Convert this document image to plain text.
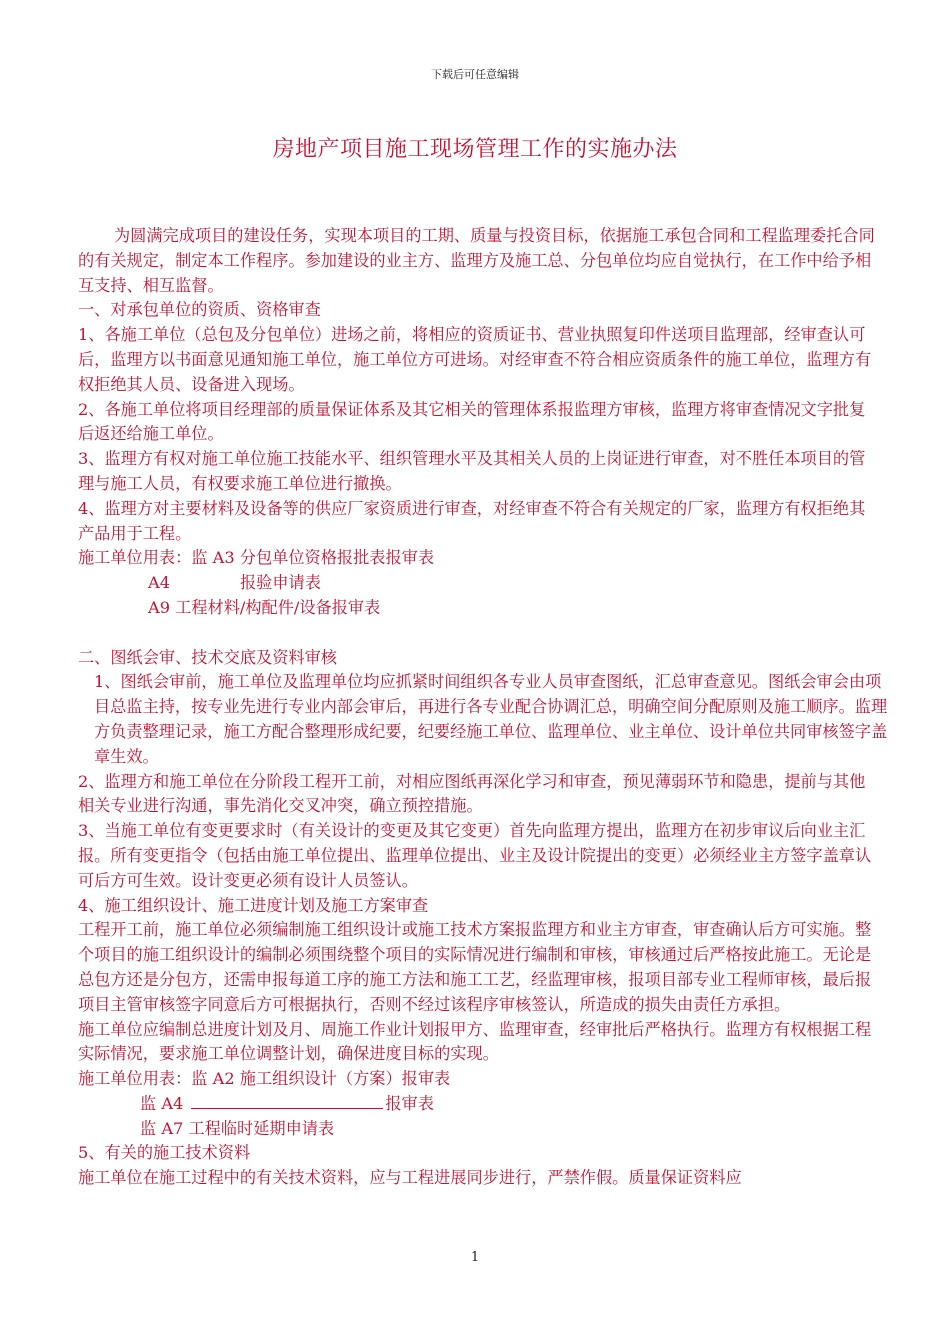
下载后可任意编辑
房地产项目施工现场管理工作的实施办法

为圆满完成项目的建设任务，实现本项目的工期、质量与投资目标，依据施工承包合同和工程监理委托合同的有关规定，制定本工作程序。参加建设的业主方、监理方及施工总、分包单位均应自觉执行，在工作中给予相互支持、相互监督。

一、对承包单位的资质、资格审查

1、各施工单位（总包及分包单位）进场之前，将相应的资质证书、营业执照复印件送项目监理部，经审查认可后，监理方以书面意见通知施工单位，施工单位方可进场。对经审查不符合相应资质条件的施工单位，监理方有权拒绝其人员、设备进入现场。

2、各施工单位将项目经理部的质量保证体系及其它相关的管理体系报监理方审核，监理方将审查情况文字批复后返还给施工单位。

3、监理方有权对施工单位施工技能水平、组织管理水平及其相关人员的上岗证进行审查，对不胜任本项目的管理与施工人员，有权要求施工单位进行撤换。

4、监理方对主要材料及设备等的供应厂家资质进行审查，对经审查不符合有关规定的厂家，监理方有权拒绝其产品用于工程。

施工单位用表：监 A3 分包单位资格报批表报审表

A4	报验申请表

A9 工程材料/构配件/设备报审表

二、图纸会审、技术交底及资料审核

1、图纸会审前，施工单位及监理单位均应抓紧时间组织各专业人员审查图纸，汇总审查意见。图纸会审会由项目总监主持，按专业先进行专业内部会审后，再进行各专业配合协调汇总，明确空间分配原则及施工顺序。监理方负责整理记录，施工方配合整理形成纪要，纪要经施工单位、监理单位、业主单位、设计单位共同审核签字盖章生效。

2、监理方和施工单位在分阶段工程开工前，对相应图纸再深化学习和审查，预见薄弱环节和隐患，提前与其他相关专业进行沟通，事先消化交叉冲突，确立预控措施。

3、当施工单位有变更要求时（有关设计的变更及其它变更）首先向监理方提出，监理方在初步审议后向业主汇报。所有变更指令（包括由施工单位提出、监理单位提出、业主及设计院提出的变更）必须经业主方签字盖章认可后方可生效。设计变更必须有设计人员签认。

4、施工组织设计、施工进度计划及施工方案审查

工程开工前，施工单位必须编制施工组织设计或施工技术方案报监理方和业主方审查，审查确认后方可实施。整个项目的施工组织设计的编制必须围绕整个项目的实际情况进行编制和审核，审核通过后严格按此施工。无论是总包方还是分包方，还需申报每道工序的施工方法和施工工艺，经监理审核，报项目部专业工程师审核，最后报项目主管审核签字同意后方可根据执行，否则不经过该程序审核签认，所造成的损失由责任方承担。

施工单位应编制总进度计划及月、周施工作业计划报甲方、监理审查，经审批后严格执行。监理方有权根据工程实际情况，要求施工单位调整计划，确保进度目标的实现。

施工单位用表：监 A2 施工组织设计（方案）报审表

监 A4	报审表

监 A7 工程临时延期申请表

5、有关的施工技术资料

施工单位在施工过程中的有关技术资料，应与工程进展同步进行，严禁作假。质量保证资料应

1
